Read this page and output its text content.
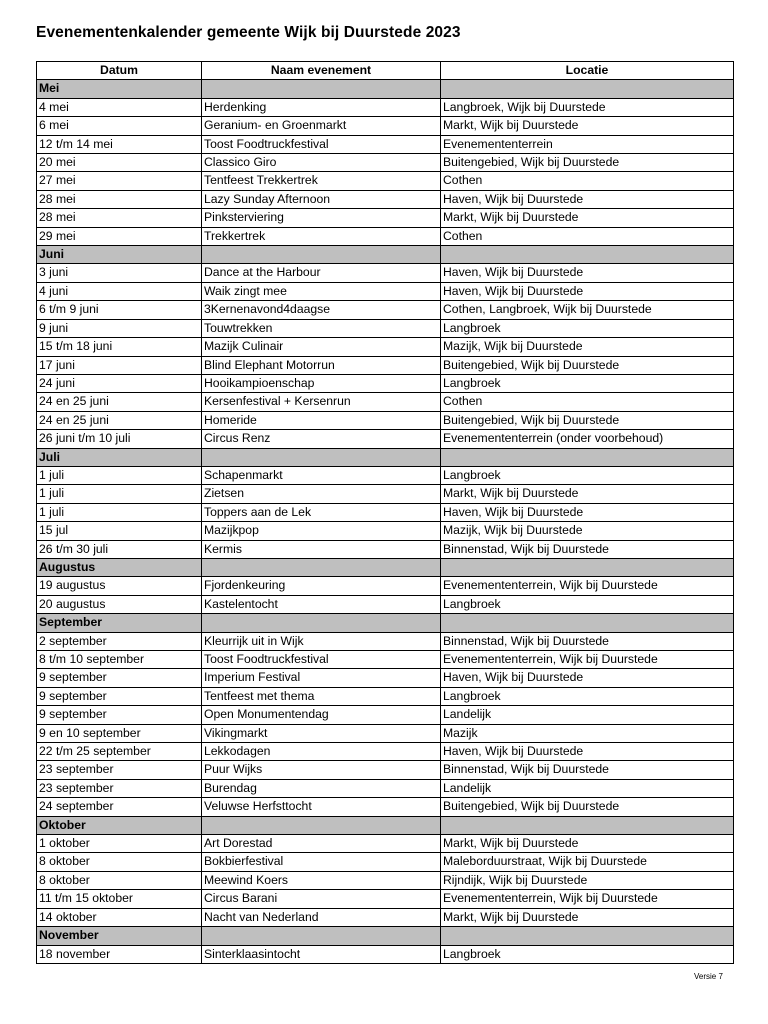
Evenementenkalender gemeente Wijk bij Duurstede 2023
Datum	Naam evenement	Locatie
Mei		
4 mei	Herdenking	Langbroek, Wijk bij Duurstede
6 mei	Geranium- en Groenmarkt	Markt, Wijk bij Duurstede
12 t/m 14 mei	Toost Foodtruckfestival	Evenemententerrein
20 mei	Classico Giro	Buitengebied, Wijk bij Duurstede
27 mei	Tentfeest Trekkertrek	Cothen
28 mei	Lazy Sunday Afternoon	Haven, Wijk bij Duurstede
28 mei	Pinksterviering	Markt, Wijk bij Duurstede
29 mei	Trekkertrek	Cothen
Juni		
3 juni	Dance at the Harbour	Haven, Wijk bij Duurstede
4 juni	Waik zingt mee	Haven, Wijk bij Duurstede
6 t/m 9 juni	3Kernenavond4daagse	Cothen, Langbroek, Wijk bij Duurstede
9 juni	Touwtrekken	Langbroek
15 t/m 18 juni	Mazijk Culinair	Mazijk, Wijk bij Duurstede
17 juni	Blind Elephant Motorrun	Buitengebied, Wijk bij Duurstede
24 juni	Hooikampioenschap	Langbroek
24 en 25 juni	Kersenfestival + Kersenrun	Cothen
24 en 25 juni	Homeride	Buitengebied, Wijk bij Duurstede
26 juni t/m 10 juli	Circus Renz	Evenemententerrein (onder voorbehoud)
Juli		
1 juli	Schapenmarkt	Langbroek
1 juli	Zietsen	Markt, Wijk bij Duurstede
1 juli	Toppers aan de Lek	Haven, Wijk bij Duurstede
15 jul	Mazijkpop	Mazijk, Wijk bij Duurstede
26 t/m 30 juli	Kermis	Binnenstad, Wijk bij Duurstede
Augustus		
19 augustus	Fjordenkeuring	Evenemententerrein, Wijk bij Duurstede
20 augustus	Kastelentocht	Langbroek
September		
2 september	Kleurrijk uit in Wijk	Binnenstad, Wijk bij Duurstede
8 t/m 10 september	Toost Foodtruckfestival	Evenemententerrein, Wijk bij Duurstede
9 september	Imperium Festival	Haven, Wijk bij Duurstede
9 september	Tentfeest met thema	Langbroek
9 september	Open Monumentendag	Landelijk
9 en 10 september	Vikingmarkt	Mazijk
22 t/m 25 september	Lekkodagen	Haven, Wijk bij Duurstede
23 september	Puur Wijks	Binnenstad, Wijk bij Duurstede
23 september	Burendag	Landelijk
24 september	Veluwse Herfsttocht	Buitengebied, Wijk bij Duurstede
Oktober		
1 oktober	Art Dorestad	Markt, Wijk bij Duurstede
8 oktober	Bokbierfestival	Maleborduurstraat, Wijk bij Duurstede
8 oktober	Meewind Koers	Rijndijk, Wijk bij Duurstede
11 t/m 15 oktober	Circus Barani	Evenemententerrein, Wijk bij Duurstede
14 oktober	Nacht van Nederland	Markt, Wijk bij Duurstede
November		
18 november	Sinterklaasintocht	Langbroek
Versie 7
